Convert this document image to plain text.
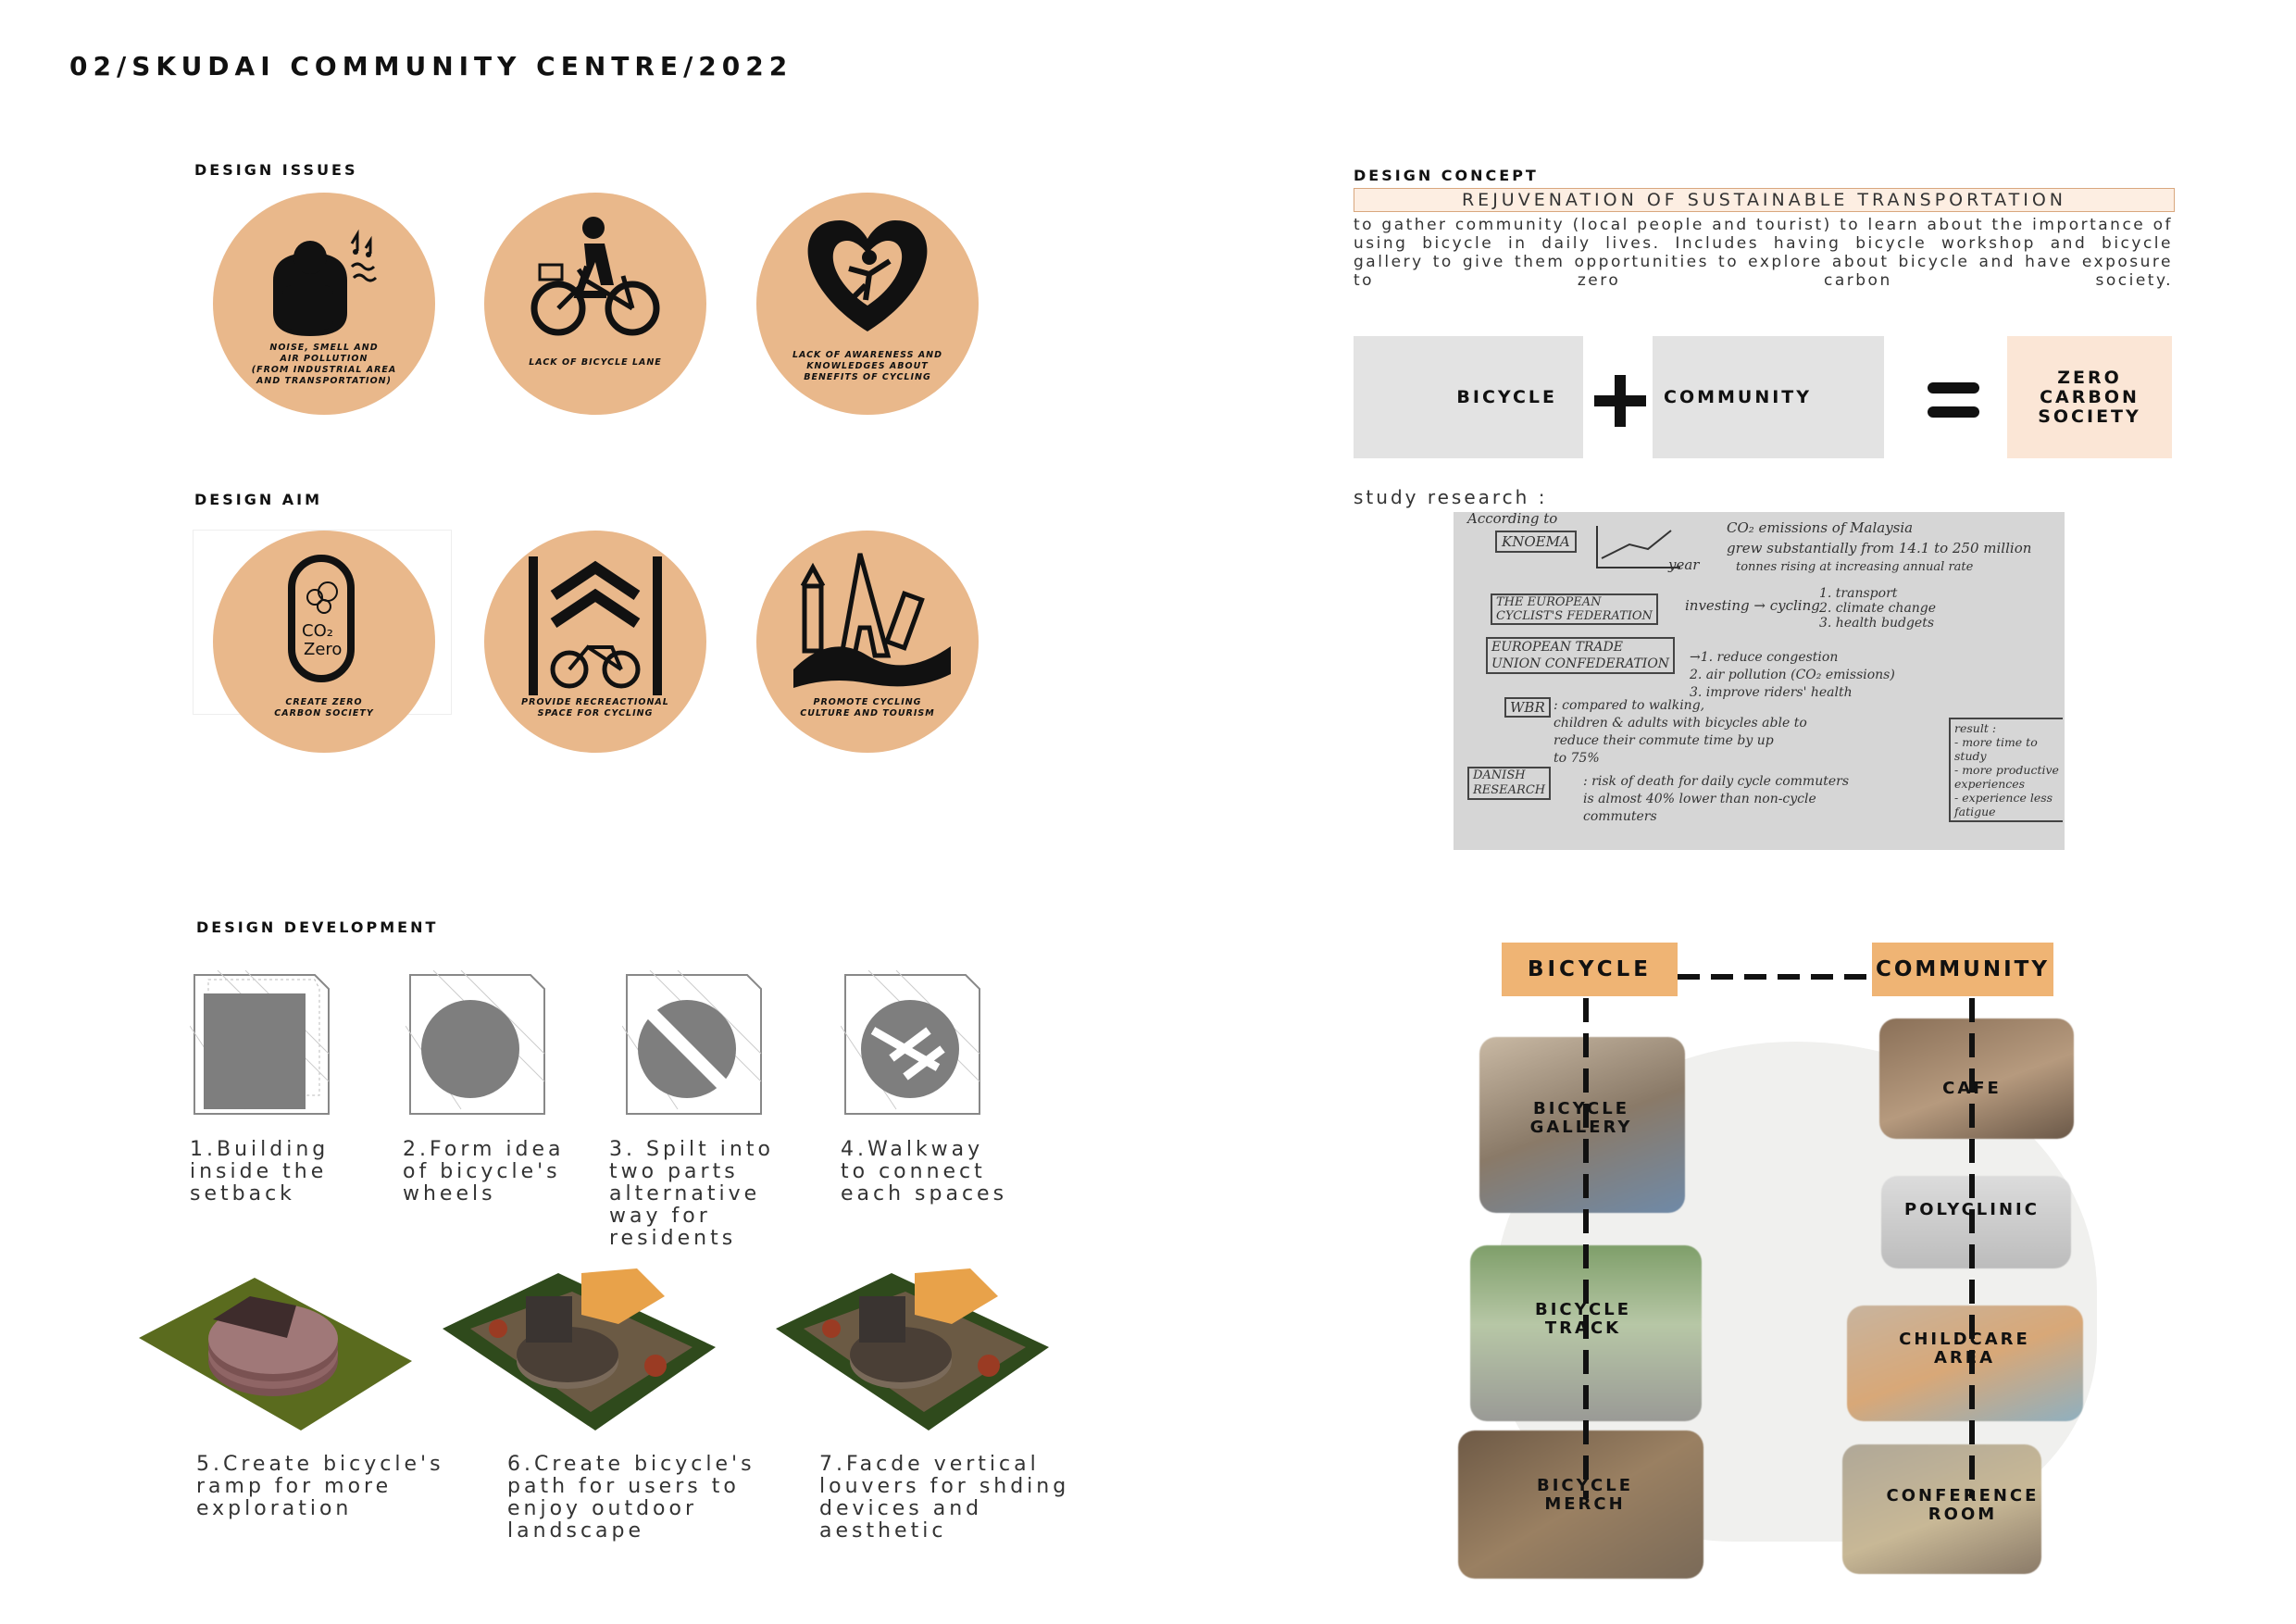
02/SKUDAI COMMUNITY CENTRE/2022
DESIGN ISSUES
NOISE, SMELL AND
AIR POLLUTION
(FROM INDUSTRIAL AREA
AND TRANSPORTATION)
LACK OF BICYCLE LANE
LACK OF AWARENESS AND
KNOWLEDGES ABOUT
BENEFITS OF CYCLING
DESIGN AIM
CO₂
Zero
CREATE ZERO
CARBON SOCIETY
PROVIDE RECREACTIONAL
SPACE FOR CYCLING
PROMOTE CYCLING
CULTURE AND TOURISM
DESIGN DEVELOPMENT
1.Building
inside the
setback
2.Form idea
of bicycle's
wheels
3. Spilt into
two parts
alternative
way for
residents
4.Walkway
to connect
each spaces
5.Create bicycle's
ramp for more
exploration
6.Create bicycle's
path for users to
enjoy outdoor
landscape
7.Facde vertical
louvers for shding
devices and
aesthetic
DESIGN CONCEPT
REJUVENATION OF SUSTAINABLE TRANSPORTATION
to gather community (local people and tourist) to learn about the importance of using bicycle in daily lives. Includes having bicycle workshop and bicycle gallery to give them opportunities to explore about bicycle and have exposure to zero carbon society.
BICYCLE	COMMUNITY
ZERO
CARBON
SOCIETY
study research :
According to
KNOEMA
year
CO₂ emissions of Malaysia
grew substantially from 14.1 to 250 million
tonnes rising at increasing annual rate
THE EUROPEAN
CYCLIST'S FEDERATION
investing → cycling
1. transport
2. climate change
3. health budgets
EUROPEAN TRADE
UNION CONFEDERATION	→1. reduce congestion
2. air pollution (CO₂ emissions)
3. improve riders' health
WBR : compared to walking,
children & adults with bicycles able to
reduce their commute time by up
to 75%
DANISH
RESEARCH
: risk of death for daily cycle commuters
is almost 40% lower than non-cycle
commuters
result :
- more time to
study
- more productive
experiences
- experience less
fatigue
BICYCLE	COMMUNITY
BICYCLE
GALLERY
BICYCLE
TRACK
BICYCLE
MERCH
CAFE
POLYCLINIC
CHILDCARE
AREA
CONFERENCE
ROOM
